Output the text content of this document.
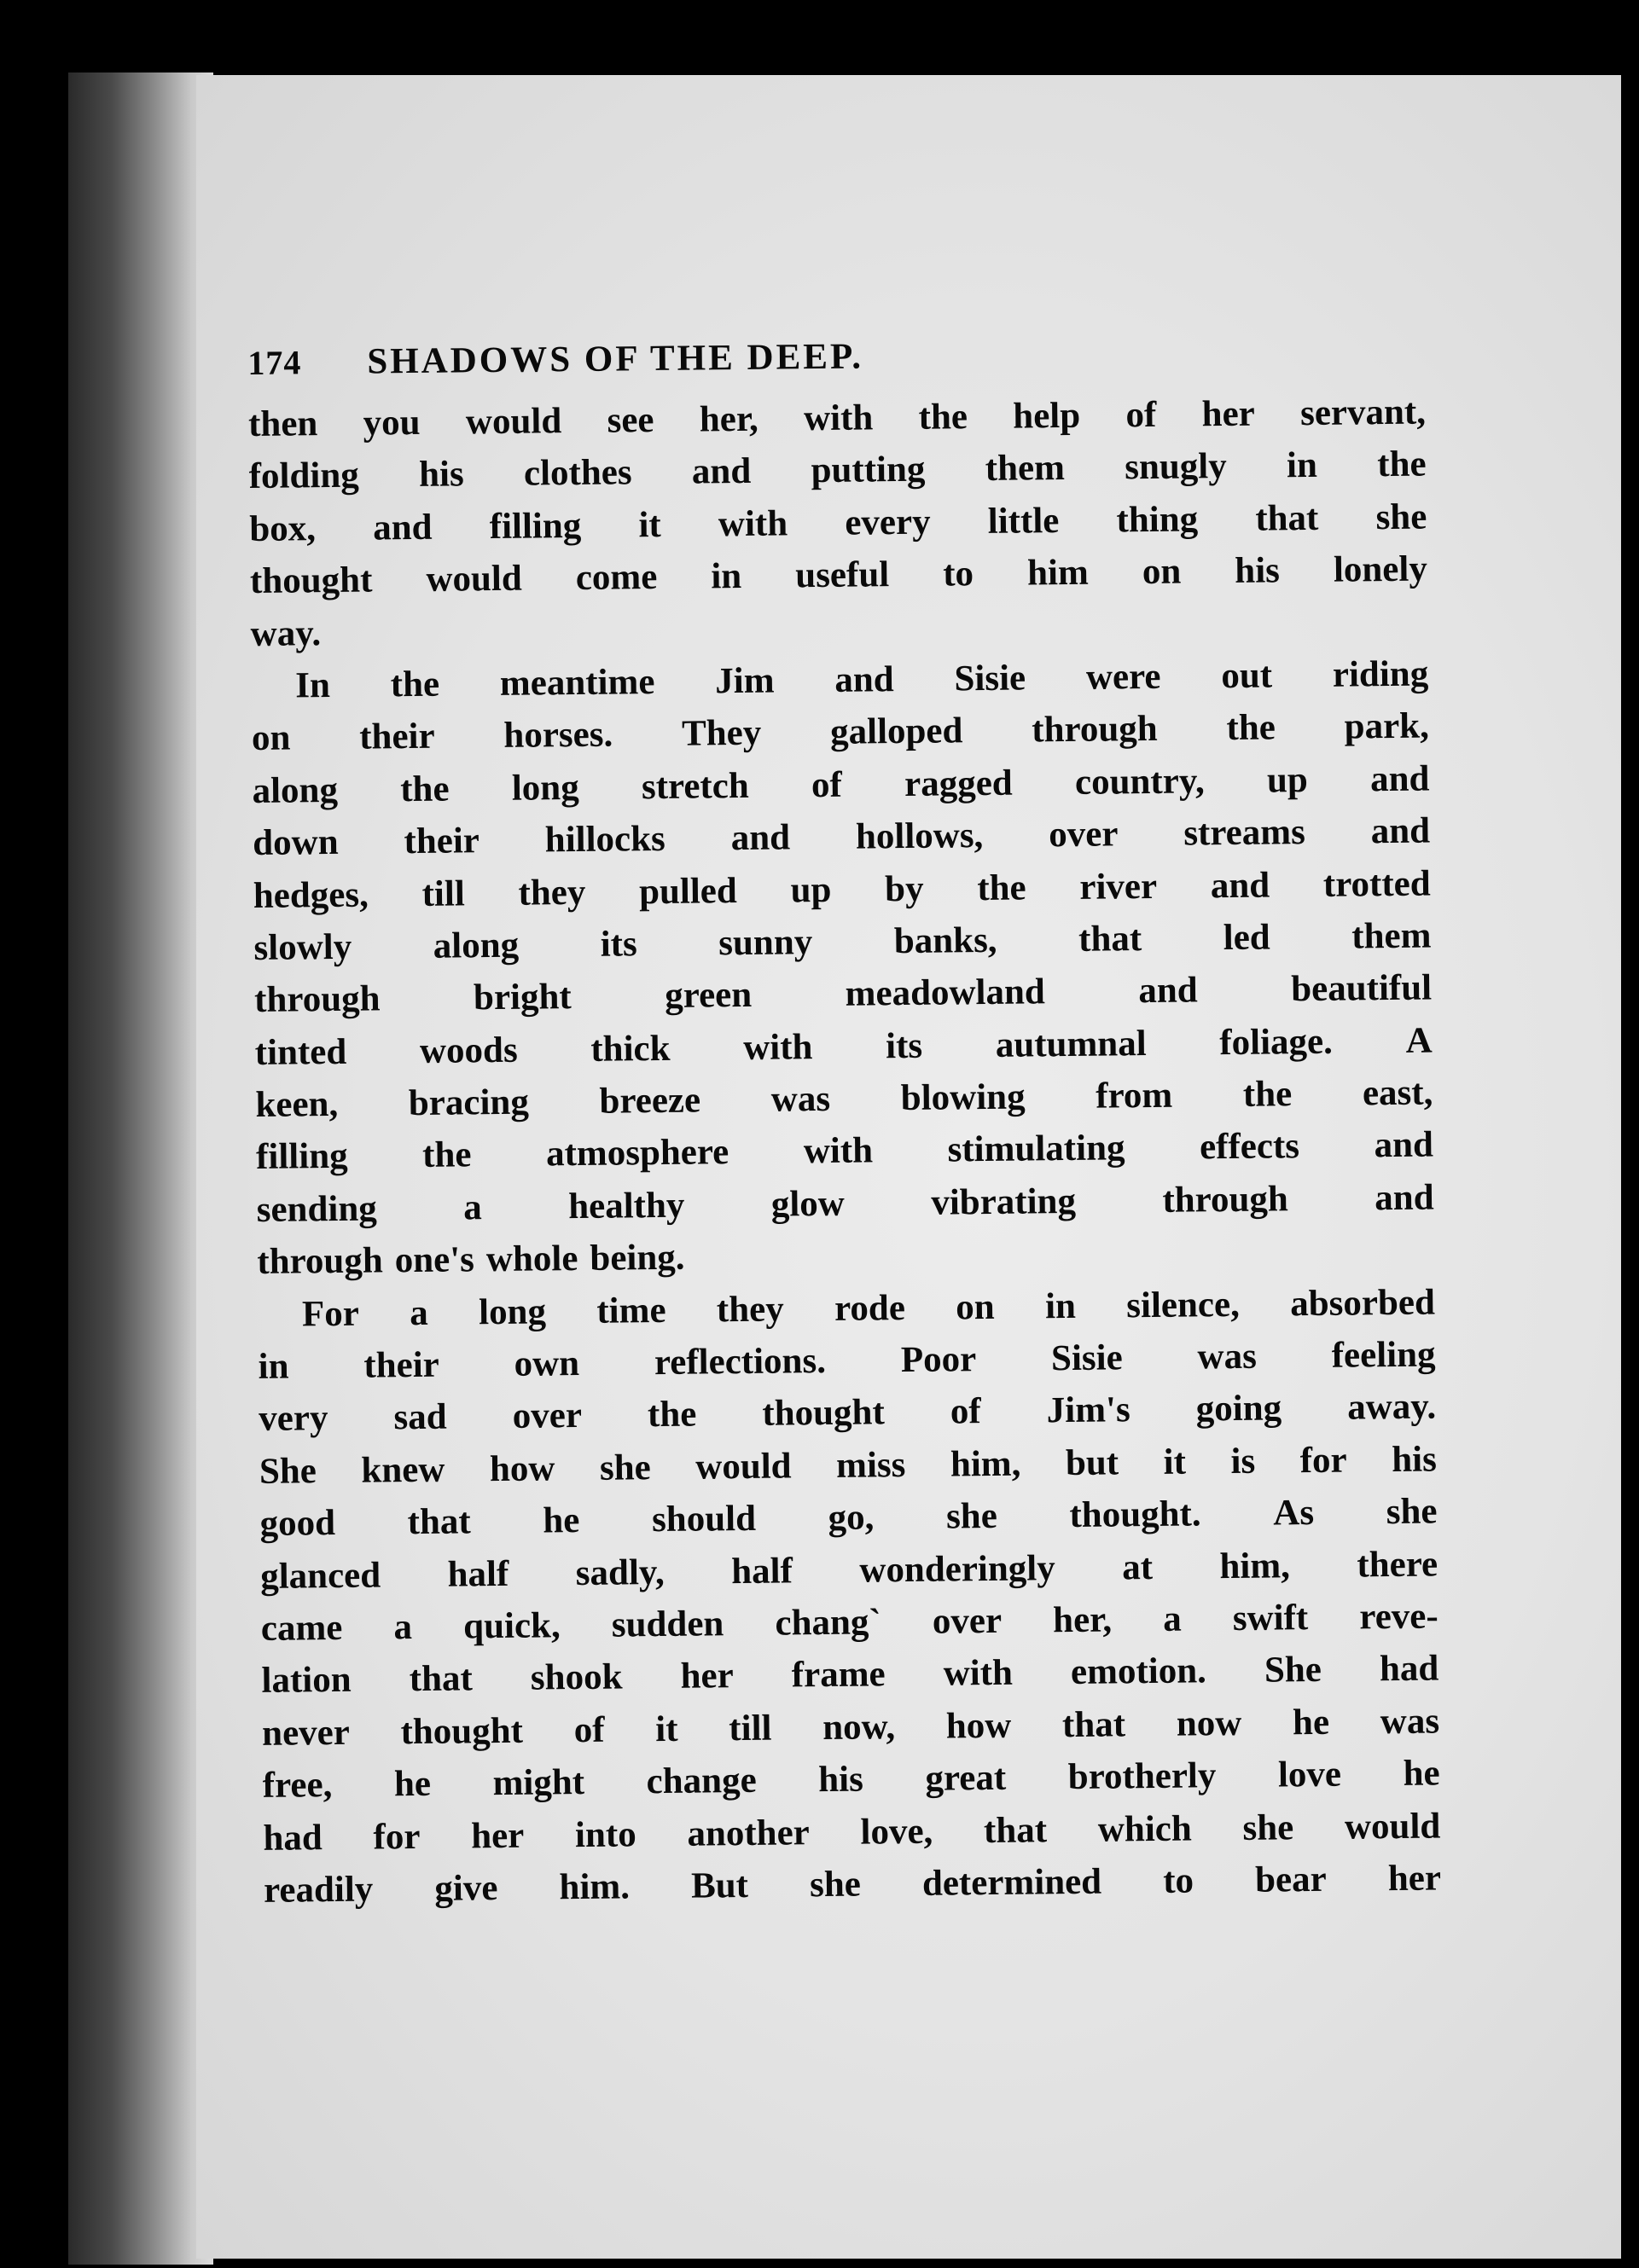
174	SHADOWS OF THE DEEP.
then you would see her, with the help of her servant,
folding his clothes and putting them snugly in the
box, and filling it with every little thing that she
thought would come in useful to him on his lonely
way.
In the meantime Jim and Sisie were out riding
on their horses. They galloped through the park,
along the long stretch of ragged country, up and
down their hillocks and hollows, over streams and
hedges, till they pulled up by the river and trotted
slowly along its sunny banks, that led them
through	bright	green	meadowland	and	beautiful
tinted woods thick with its autumnal foliage. A
keen, bracing breeze was blowing from the east,
filling the atmosphere with stimulating effects and
sending a healthy glow vibrating through and
through one's whole being.
For a long time they rode on in silence, absorbed
in their own reflections. Poor Sisie was feeling
very sad over the thought of Jim's going away.
She knew how she would miss him, but it is for his
good that he should go, she thought. As she
glanced half sadly, half wonderingly at him, there
came a quick, sudden chang` over her, a swift reve-
lation that shook her frame with emotion. She had
never thought of it till now, how that now he was
free, he might change his great brotherly love he
had for her into another love, that which she would
readily give him. But she determined to bear her
